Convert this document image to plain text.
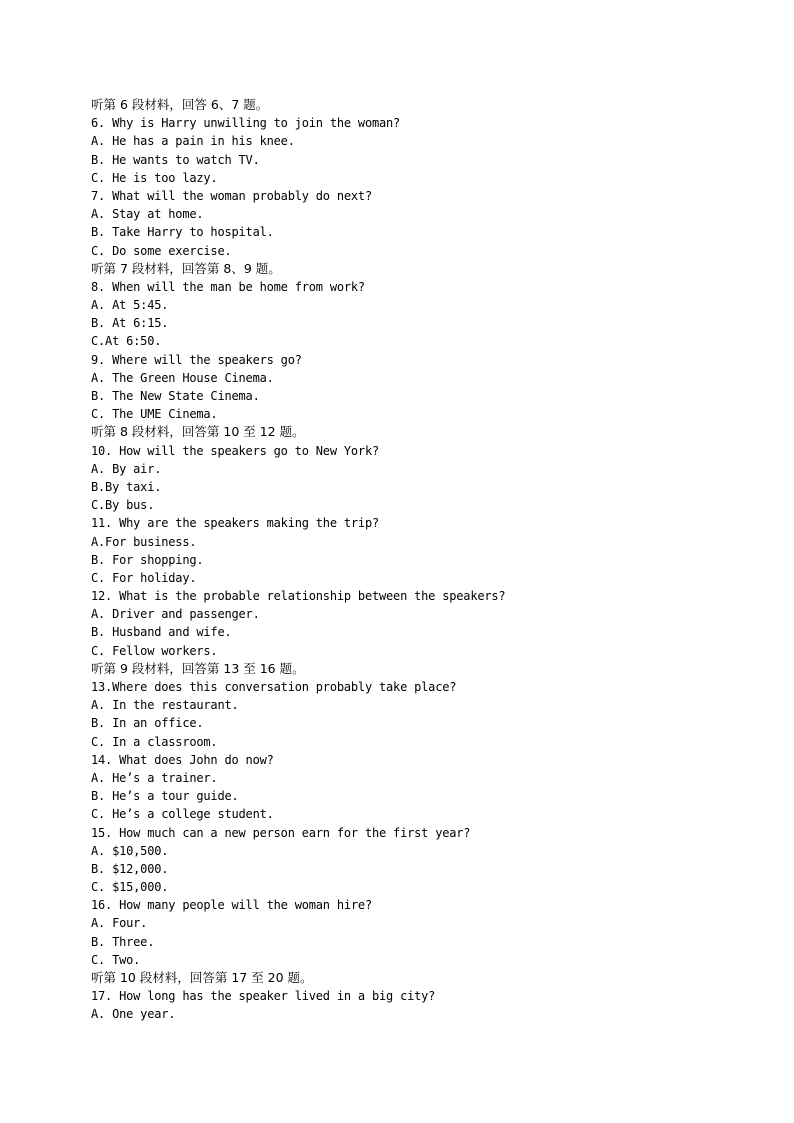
听第 6 段材料，回答 6、7 题。
6. Why is Harry unwilling to join the woman?
A. He has a pain in his knee.
B. He wants to watch TV.
C. He is too lazy.
7. What will the woman probably do next?
A. Stay at home.
B. Take Harry to hospital.
C. Do some exercise.
听第 7 段材料，回答第 8、9 题。
8. When will the man be home from work?
A. At 5:45.
B. At 6:15.
C.At 6:50.
9. Where will the speakers go?
A. The Green House Cinema.
B. The New State Cinema.
C. The UME Cinema.
听第 8 段材料，回答第 10 至 12 题。
10. How will the speakers go to New York?
A. By air.
B.By taxi.
C.By bus.
11. Why are the speakers making the trip?
A.For business.
B. For shopping.
C. For holiday.
12. What is the probable relationship between the speakers?
A. Driver and passenger.
B. Husband and wife.
C. Fellow workers.
听第 9 段材料，回答第 13 至 16 题。
13.Where does this conversation probably take place?
A. In the restaurant.
B. In an office.
C. In a classroom.
14. What does John do now?
A. He’s a trainer.
B. He’s a tour guide.
C. He’s a college student.
15. How much can a new person earn for the first year?
A. $10,500.
B. $12,000.
C. $15,000.
16. How many people will the woman hire?
A. Four.
B. Three.
C. Two.
听第 10 段材料，回答第 17 至 20 题。
17. How long has the speaker lived in a big city?
A. One year.
